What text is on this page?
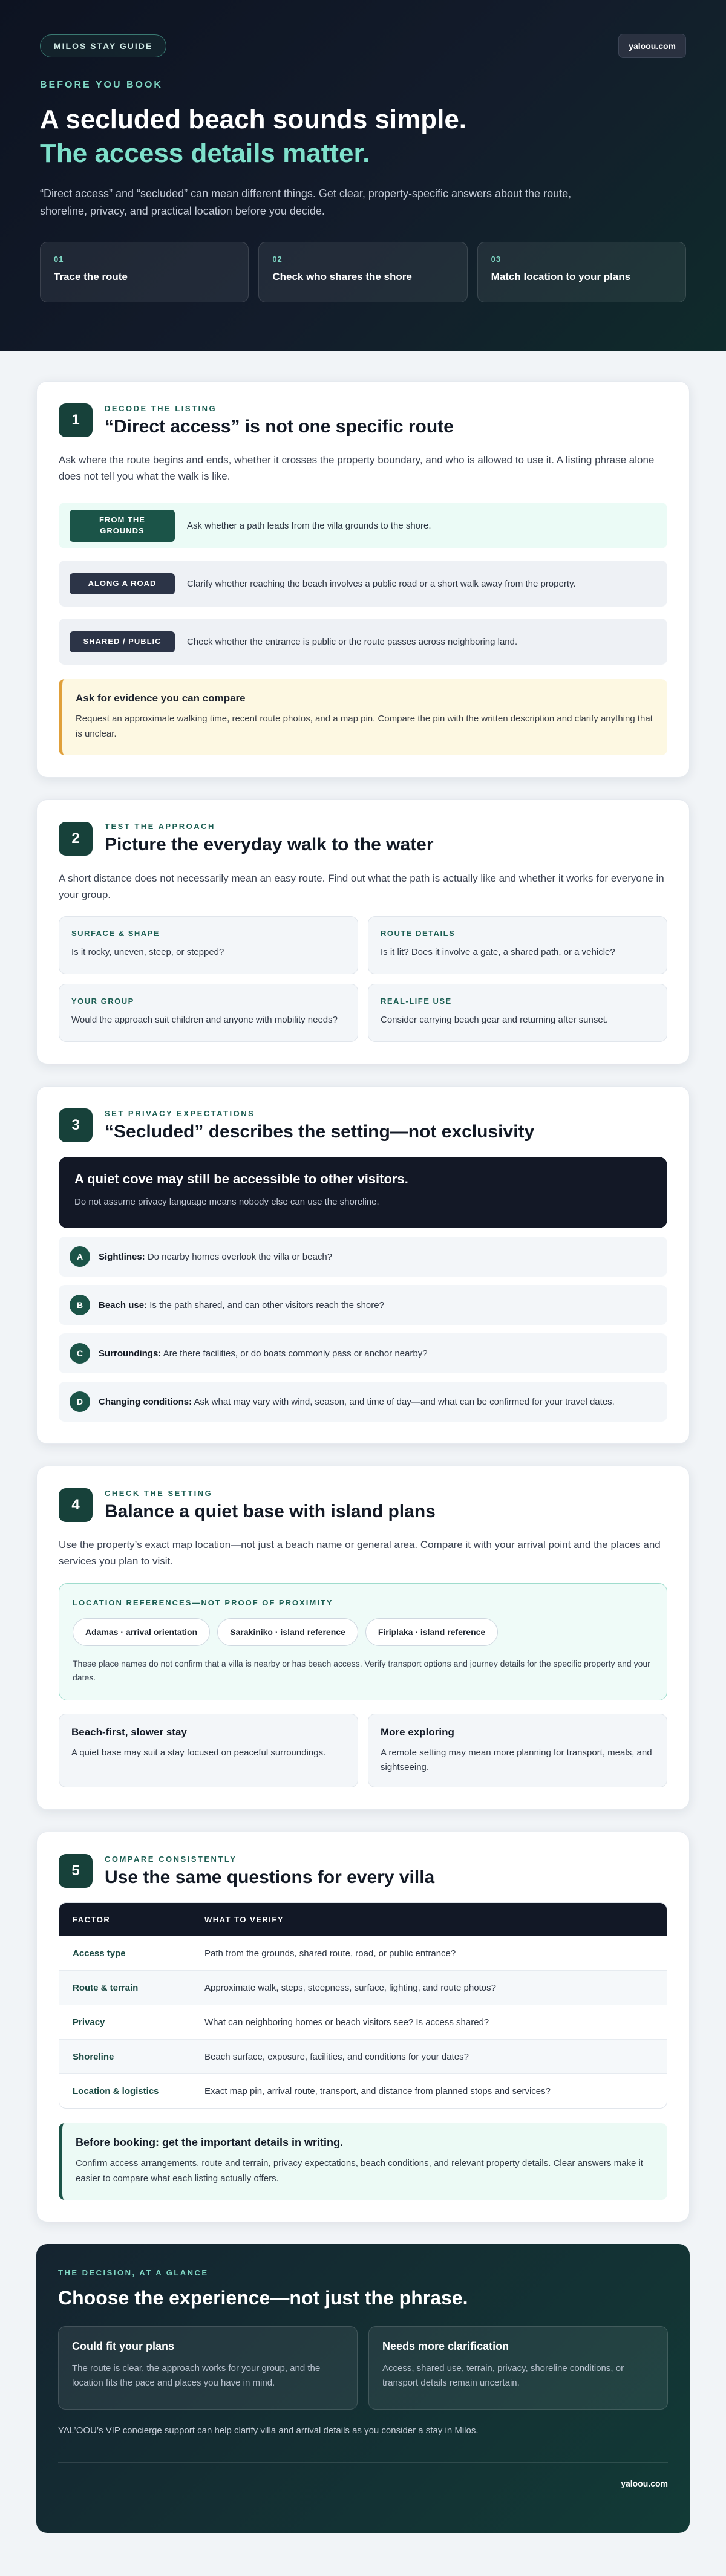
MILOS STAY GUIDE	yaloou.com
BEFORE YOU BOOK
A secluded beach sounds simple.
The access details matter.

“Direct access” and “secluded” can mean different things. Get clear, property-specific answers about the route, shoreline, privacy, and practical location before you decide.

01
Trace the route
02
Check who shares the shore
03
Match location to your plans
1
DECODE THE LISTING
“Direct access” is not one specific route

Ask where the route begins and ends, whether it crosses the property boundary, and who is allowed to use it. A listing phrase alone does not tell you what the walk is like.

FROM THE GROUNDS	Ask whether a path leads from the villa grounds to the shore.
ALONG A ROAD	Clarify whether reaching the beach involves a public road or a short walk away from the property.
SHARED / PUBLIC	Check whether the entrance is public or the route passes across neighboring land.
Ask for evidence you can compare
Request an approximate walking time, recent route photos, and a map pin. Compare the pin with the written description and clarify anything that is unclear.
2
TEST THE APPROACH
Picture the everyday walk to the water

A short distance does not necessarily mean an easy route. Find out what the path is actually like and whether it works for everyone in your group.

SURFACE & SHAPE
Is it rocky, uneven, steep, or stepped?
ROUTE DETAILS
Is it lit? Does it involve a gate, a shared path, or a vehicle?
YOUR GROUP
Would the approach suit children and anyone with mobility needs?
REAL-LIFE USE
Consider carrying beach gear and returning after sunset.
3
SET PRIVACY EXPECTATIONS
“Secluded” describes the setting—not exclusivity
A quiet cove may still be accessible to other visitors.
Do not assume privacy language means nobody else can use the shoreline.
A	Sightlines: Do nearby homes overlook the villa or beach?
B	Beach use: Is the path shared, and can other visitors reach the shore?
C	Surroundings: Are there facilities, or do boats commonly pass or anchor nearby?
D	Changing conditions: Ask what may vary with wind, season, and time of day—and what can be confirmed for your travel dates.
4
CHECK THE SETTING
Balance a quiet base with island plans

Use the property’s exact map location—not just a beach name or general area. Compare it with your arrival point and the places and services you plan to visit.

LOCATION REFERENCES—NOT PROOF OF PROXIMITY
Adamas · arrival orientation	Sarakiniko · island reference	Firiplaka · island reference
These place names do not confirm that a villa is nearby or has beach access. Verify transport options and journey details for the specific property and your dates.
Beach-first, slower stay
A quiet base may suit a stay focused on peaceful surroundings.
More exploring
A remote setting may mean more planning for transport, meals, and sightseeing.
5
COMPARE CONSISTENTLY
Use the same questions for every villa
FACTOR	WHAT TO VERIFY
Access type	Path from the grounds, shared route, road, or public entrance?
Route & terrain	Approximate walk, steps, steepness, surface, lighting, and route photos?
Privacy	What can neighboring homes or beach visitors see? Is access shared?
Shoreline	Beach surface, exposure, facilities, and conditions for your dates?
Location & logistics	Exact map pin, arrival route, transport, and distance from planned stops and services?
Before booking: get the important details in writing.
Confirm access arrangements, route and terrain, privacy expectations, beach conditions, and relevant property details. Clear answers make it easier to compare what each listing actually offers.
THE DECISION, AT A GLANCE
Choose the experience—not just the phrase.
Could fit your plans
The route is clear, the approach works for your group, and the location fits the pace and places you have in mind.
Needs more clarification
Access, shared use, terrain, privacy, shoreline conditions, or transport details remain uncertain.
YAL’OOU’s VIP concierge support can help clarify villa and arrival details as you consider a stay in Milos.
yaloou.com
